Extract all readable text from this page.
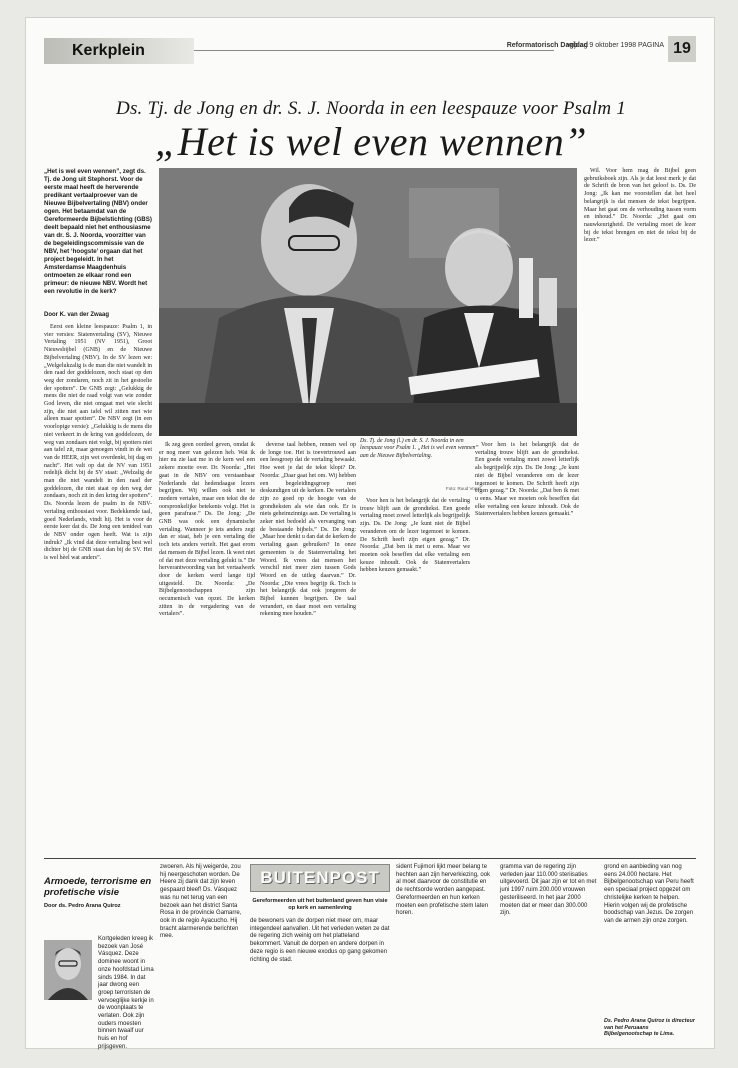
Kerkplein	Reformatorisch Dagblad
vrijdag 9 oktober 1998 PAGINA 19
Ds. Tj. de Jong en dr. S. J. Noorda in een leespauze voor Psalm 1
„Het is wel even wennen”
„Het is wel even wennen”, zegt ds. Tj. de Jong uit Stephorst. Voor de eerste maal heeft de herverende predikant vertaalproever van de Nieuwe Bijbelvertaling (NBV) onder ogen. Het betaamdat van de Gereformeerde Bijbelstichting (GBS) deelt bepaald niet het enthousiasme van dr. S. J. Noorda, voorzitter van de begeleidingscommissie van de NBV, het ‘hoogste’ orgaan dat het project begeleidt. In het Amsterdamse Maagdenhuis ontmoeten ze elkaar rond een primeur: de nieuwe NBV. Wordt het een revolutie in de kerk?
Door K. van der Zwaag

Eerst een kleine leespauze: Psalm 1, in vier versies: Statenvertaling (SV), Nieuwe Vertaling 1951 (NV 1951), Groot Nieuwsbijbel (GNB) en de Nieuwe Bijbelvertaling (NBV). In de SV lezen we: „Welgelukzalig is de man die niet wandelt in den raad der goddelozen, noch staat op den weg der zondaren, noch zit in het gestoelte der spotters”. De GNB zegt: „Gelukkig de mens die niet de raad volgt van wie zonder God leven, die niet omgaat met wie slecht zijn, die niet aan tafel wil zitten met wie alleen maar spotten”. De NBV zegt (in een voorlopige versie): „Gelukkig is de mens die niet verkeert in de kring van goddelozen, de weg van zondaars niet volgt, bij spotters niet aan tafel zit, maar genoegen vindt in de wet van de HEER, zijn wet overdenkt, bij dag en nacht”. Het valt op dat de NV van 1951 redelijk dicht bij de SV staat: „Welzalig de man die niet wandelt in den raad der goddelozen, die niet staat op den weg der zondaars, noch zit in den kring der spotters”. Ds. Noorda lezen de psalm in de NBV-vertaling enthousiast voor. Bedekkende taal, goed Nederlands, vindt hij. Het is voor de eerste keer dat ds. De Jong een tentdeel van de NBV onder ogen heeft. Wat is zijn indruk? „Ik vind dat deze vertaling best wel dichter bij de GNB staat dan bij de SV. Het is wel hèel wat anders”.

Ds. Tj. de Jong (l.) en dr. S. J. Noorda in een leespauze voor Psalm 1. „Het is wel even wennen” aan de Nieuwe Bijbelvertaling.
Foto: Ruud Voest

Ik zeg geen oordeel geven, omdat ik er nog meer van gelezen heb. Wat ik hier nu zie laat me in de kern wel een zekere moeite over. Dr. Noorda: „Het gaat in de NBV om verstaanbaar Nederlands dat hedendaagse lezers begrijpen. Wij willen ook niet te modern vertalen, maar een tekst die de oorspronkelijke betekenis volgt. Het is geen parafrase.” Ds. De Jong: „De GNB was ook een dynamische vertaling. Wanneer je iets anders zegt dan er staat, heb je een vertaling die toch iets anders vertelt. Het gaat erom dat mensen de Bijbel lezen. Ik weet niet of dat met deze vertaling gelukt is.” De herverantwoording van het vertaalwerk door de kerken werd lange tijd uitgesteld. Dr. Noorda: „De Bijbelgenootschappen zijn oecumenisch van opzet. De kerken zitten in de vergadering van de vertalers”.

deverse taal hebben, rennen wel op de longe toe. Het is toevertrouwd aan een leesgroep dat de vertaling bewaakt. Hoe weet je dat de tekst klopt? Dr. Noorda: „Daar gaat het om. Wij hebben een begeleidingsgroep met deskundigen uit de kerken. De vertalers zijn zo goed op de hoogte van de grondteksten als wie dan ook. Er is niets geheimzinnigs aan. De vertaling is zeker niet bedoeld als vervanging van de bestaande bijbels.” Ds. De Jong: „Maar hoe denkt u dan dat de kerken de vertaling gaan gebruiken? In onze gemeenten is de Statenvertaling het Woord. Ik vrees dat mensen het verschil niet meer zien tussen Gods Woord en de uitleg daarvan.” Dr. Noorda: „Die vrees begrijp ik. Toch is het belangrijk dat ook jongeren de Bijbel kunnen begrijpen. De taal verandert, en daar moet een vertaling rekening mee houden.”

Voor hen is het belangrijk dat de vertaling trouw blijft aan de grondtekst. Een goede vertaling moet zowel letterlijk als begrijpelijk zijn. Ds. De Jong: „Je kunt niet de Bijbel veranderen om de lezer tegemoet te komen. De Schrift heeft zijn eigen gezag.” Dr. Noorda: „Dat ben ik met u eens. Maar we moeten ook beseffen dat elke vertaling een keuze inhoudt. Ook de Statenvertalers hebben keuzes gemaakt.”

Voor hen is het belangrijk dat de vertaling trouw blijft aan de grondtekst. Een goede vertaling moet zowel letterlijk als begrijpelijk zijn. Ds. De Jong: „Je kunt niet de Bijbel veranderen om de lezer tegemoet te komen. De Schrift heeft zijn eigen gezag.” Dr. Noorda: „Dat ben ik met u eens. Maar we moeten ook beseffen dat elke vertaling een keuze inhoudt. Ook de Statenvertalers hebben keuzes gemaakt.”

Wil. Voor hem mag de Bijbel geen gebruiksboek zijn. Als je dat leest merk je dat de Schrift de bron van het geloof is. Ds. De Jong: „Ik kan me voorstellen dat het heel belangrijk is dat mensen de tekst begrijpen. Maar het gaat om de verhouding tussen vorm en inhoud.” Dr. Noorda: „Het gaat om nauwkeurigheid. De vertaling moet de lezer bij de tekst brengen en niet de tekst bij de lezer.”

Armoede, terrorisme en profetische visie
Door ds. Pedro Arana Quiroz
Kortgeleden kreeg ik bezoek van José Vásquez. Deze dominee woont in onze hoofdstad Lima sinds 1984. In dat jaar dwong een groep terroristen de vervoeglijke kerkje in de woonplaats te verlaten. Ook zijn ouders moesten binnen twaalf uur huis en hof prijsgeven.
zwoeren. Als hij weigerde, zou hij neergeschoten worden. De Heere zij dank dat zijn leven gespaard bleef! Ds. Vásquez was nu net terug van een bezoek aan het district Santa Rosa in de provincie Gamarre, ook in de regio Ayacucho. Hij bracht alarmerende berichten mee.
BUITENPOST
Gereformeerden uit het buitenland geven hun visie op kerk en samenleving
de bewoners van de dorpen niet meer om, maar integendeel aanvallen. Uit het verleden weten ze dat de regering zich weinig om het platteland bekommert. Vanuit de dorpen en andere dorpen in deze regio is een nieuwe exodus op gang gekomen richting de stad.
sident Fujimori lijkt meer belang te hechten aan zijn herverkiezing, ook al moet daarvoor de constitutie en de rechtsorde worden aangepast. Gereformeerden en hun kerken moeten een profetische stem laten horen.
gramma van de regering zijn verleden jaar 110.000 steriisaties uitgevoerd. Dit jaar zijn er tot en met juni 1997 ruim 200.000 vrouwen gesteriliseerd. In het jaar 2000 moeten dat er meer dan 300.000 zijn.
grond en aanbieding van nog eens 24.000 hectare. Het Bijbelgenootschap van Peru heeft een speciaal project opgezet om christelijke kerken te helpen. Hierin volgen wij de profetische boodschap van Jezus. De zorgen van de armen zijn onze zorgen.
Ds. Pedro Arana Quiroz is directeur van het Peruaans Bijbelgenootschap te Lima.
